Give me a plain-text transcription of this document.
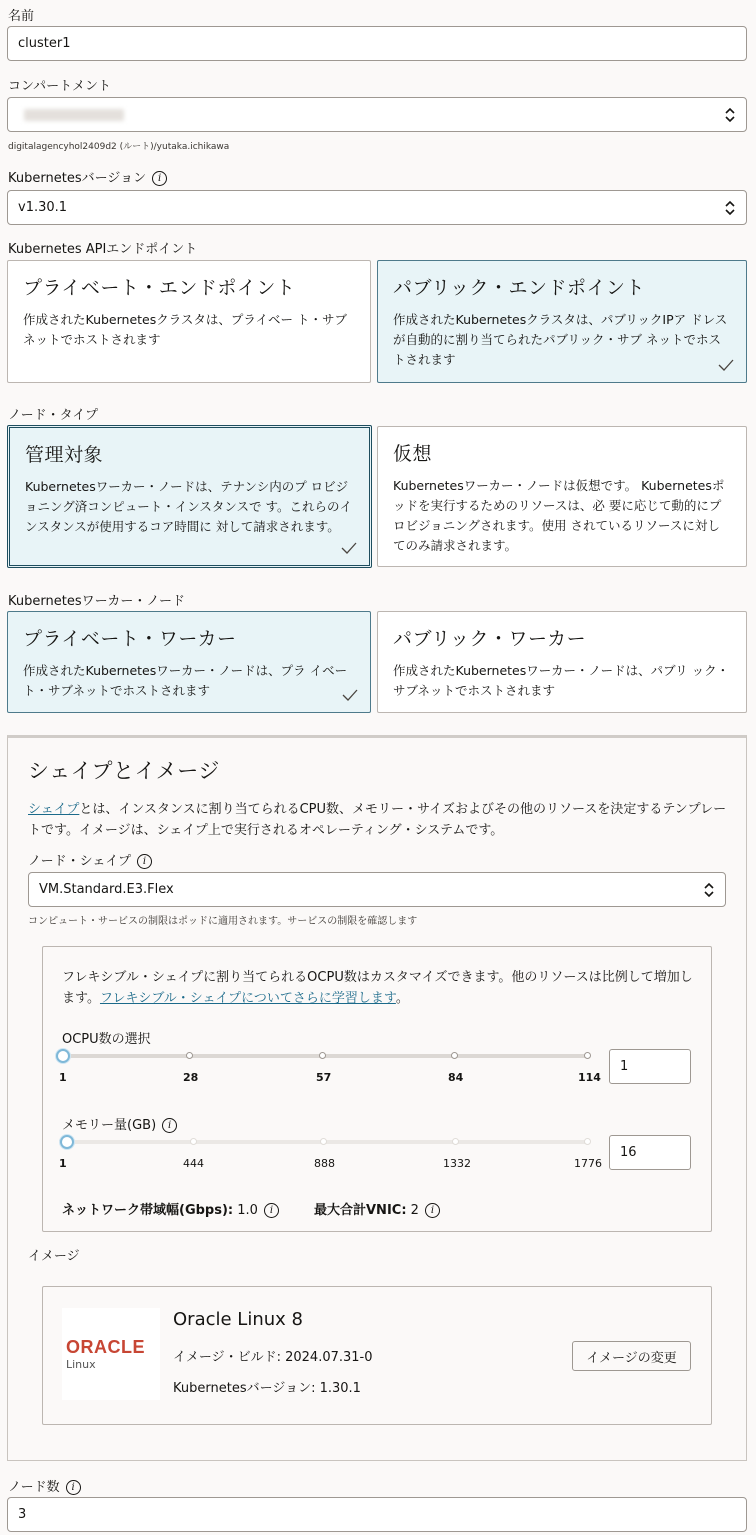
名前
cluster1
コンパートメント
digitalagencyhol2409d2 (ルート)/yutaka.ichikawa
Kubernetesバージョン i
v1.30.1
Kubernetes APIエンドポイント
プライベート・エンドポイント
作成されたKubernetesクラスタは、プライベー ト・サブネットでホストされます
パブリック・エンドポイント
作成されたKubernetesクラスタは、パブリックIPア ドレスが自動的に割り当てられたパブリック・サブ ネットでホストされます
ノード・タイプ
管理対象
Kubernetesワーカー・ノードは、テナンシ内のプ ロビジョニング済コンピュート・インスタンスで す。これらのインスタンスが使用するコア時間に 対して請求されます。
仮想
Kubernetesワーカー・ノードは仮想です。 Kubernetesポッドを実行するためのリソースは、必 要に応じて動的にプロビジョニングされます。使用 されているリソースに対してのみ請求されます。
Kubernetesワーカー・ノード
プライベート・ワーカー
作成されたKubernetesワーカー・ノードは、プラ イベート・サブネットでホストされます
パブリック・ワーカー
作成されたKubernetesワーカー・ノードは、パブリ ック・サブネットでホストされます
シェイプとイメージ
シェイプとは、インスタンスに割り当てられるCPU数、メモリー・サイズおよびその他のリソースを決定するテンプレートです。イメージは、シェイプ上で実行されるオペレーティング・システムです。
ノード・シェイプ i
VM.Standard.E3.Flex
コンピュート・サービスの制限はポッドに適用されます。サービスの制限を確認します
フレキシブル・シェイプに割り当てられるOCPU数はカスタマイズできます。他のリソースは比例して増加します。フレキシブル・シェイプについてさらに学習します。
OCPU数の選択
1	28	57	84	114
1
メモリー量(GB) i
1	444	888	1332	1776
16
ネットワーク帯域幅(Gbps): 1.0 i	最大合計VNIC: 2 i
イメージ
ORACLE
Linux
Oracle Linux 8
イメージ・ビルド: 2024.07.31-0
Kubernetesバージョン: 1.30.1
イメージの変更
ノード数 i
3
